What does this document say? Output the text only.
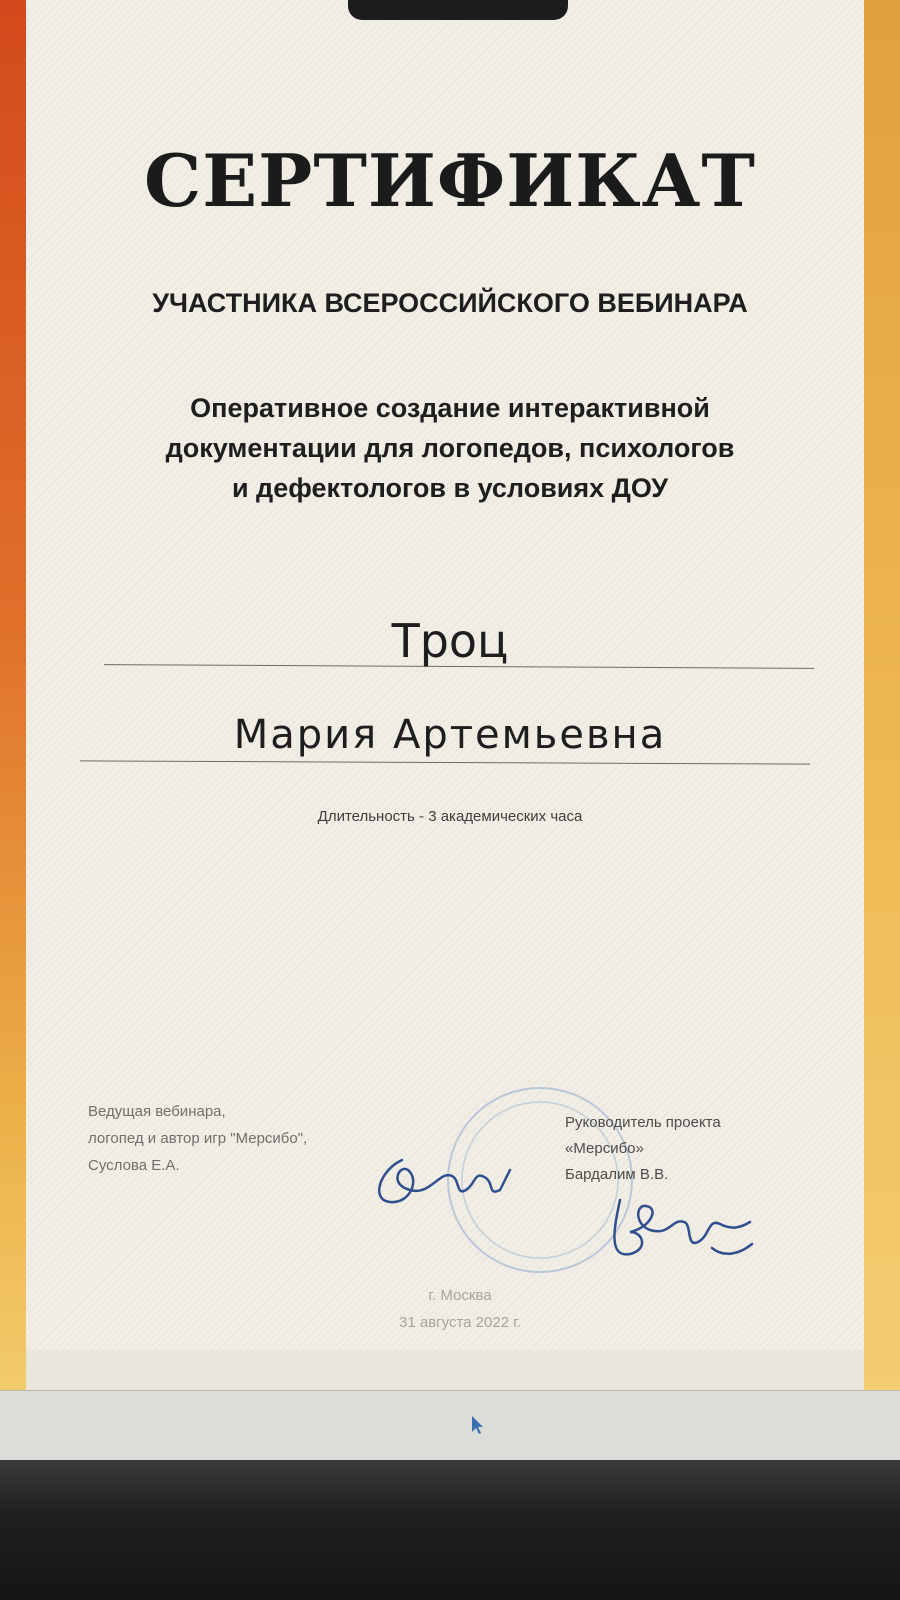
СЕРТИФИКАТ
УЧАСТНИКА ВСЕРОССИЙСКОГО ВЕБИНАРА
Оперативное создание интерактивной
документации для логопедов, психологов
и дефектологов в условиях ДОУ
Троц
Мария Артемьевна
Длительность - 3 академических часа
Ведущая вебинара,
логопед и автор игр "Мерсибо",
Суслова Е.А.
Руководитель проекта
«Мерсибо»
Бардалим В.В.
г. Москва
31 августа 2022 г.
